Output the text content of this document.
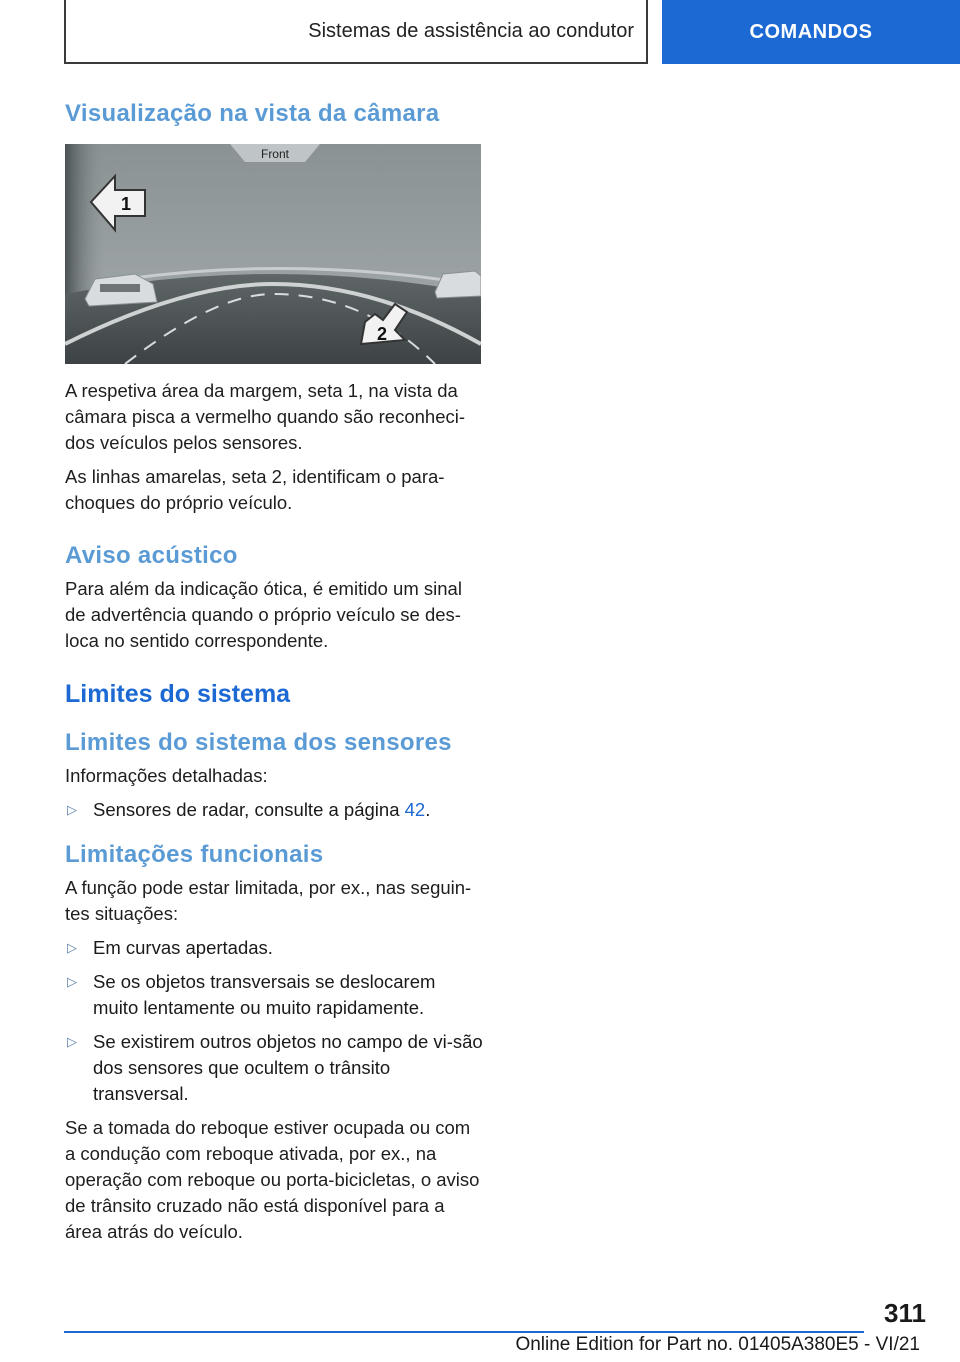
Sistemas de assistência ao condutor	COMANDOS
Visualização na vista da câmara
Front
1
2

A respetiva área da margem, seta 1, na vista da câmara pisca a vermelho quando são reconheci-dos veículos pelos sensores.

As linhas amarelas, seta 2, identificam o para-choques do próprio veículo.

Aviso acústico

Para além da indicação ótica, é emitido um sinal de advertência quando o próprio veículo se des-loca no sentido correspondente.

Limites do sistema
Limites do sistema dos sensores

Informações detalhadas:

▷ Sensores de radar, consulte a página 42.
Limitações funcionais

A função pode estar limitada, por ex., nas seguin-tes situações:

▷ Em curvas apertadas.
▷ Se os objetos transversais se deslocarem muito lentamente ou muito rapidamente.
▷ Se existirem outros objetos no campo de vi-são dos sensores que ocultem o trânsito transversal.

Se a tomada do reboque estiver ocupada ou com a condução com reboque ativada, por ex., na operação com reboque ou porta-bicicletas, o aviso de trânsito cruzado não está disponível para a área atrás do veículo.

311
Online Edition for Part no. 01405A380E5 - VI/21
